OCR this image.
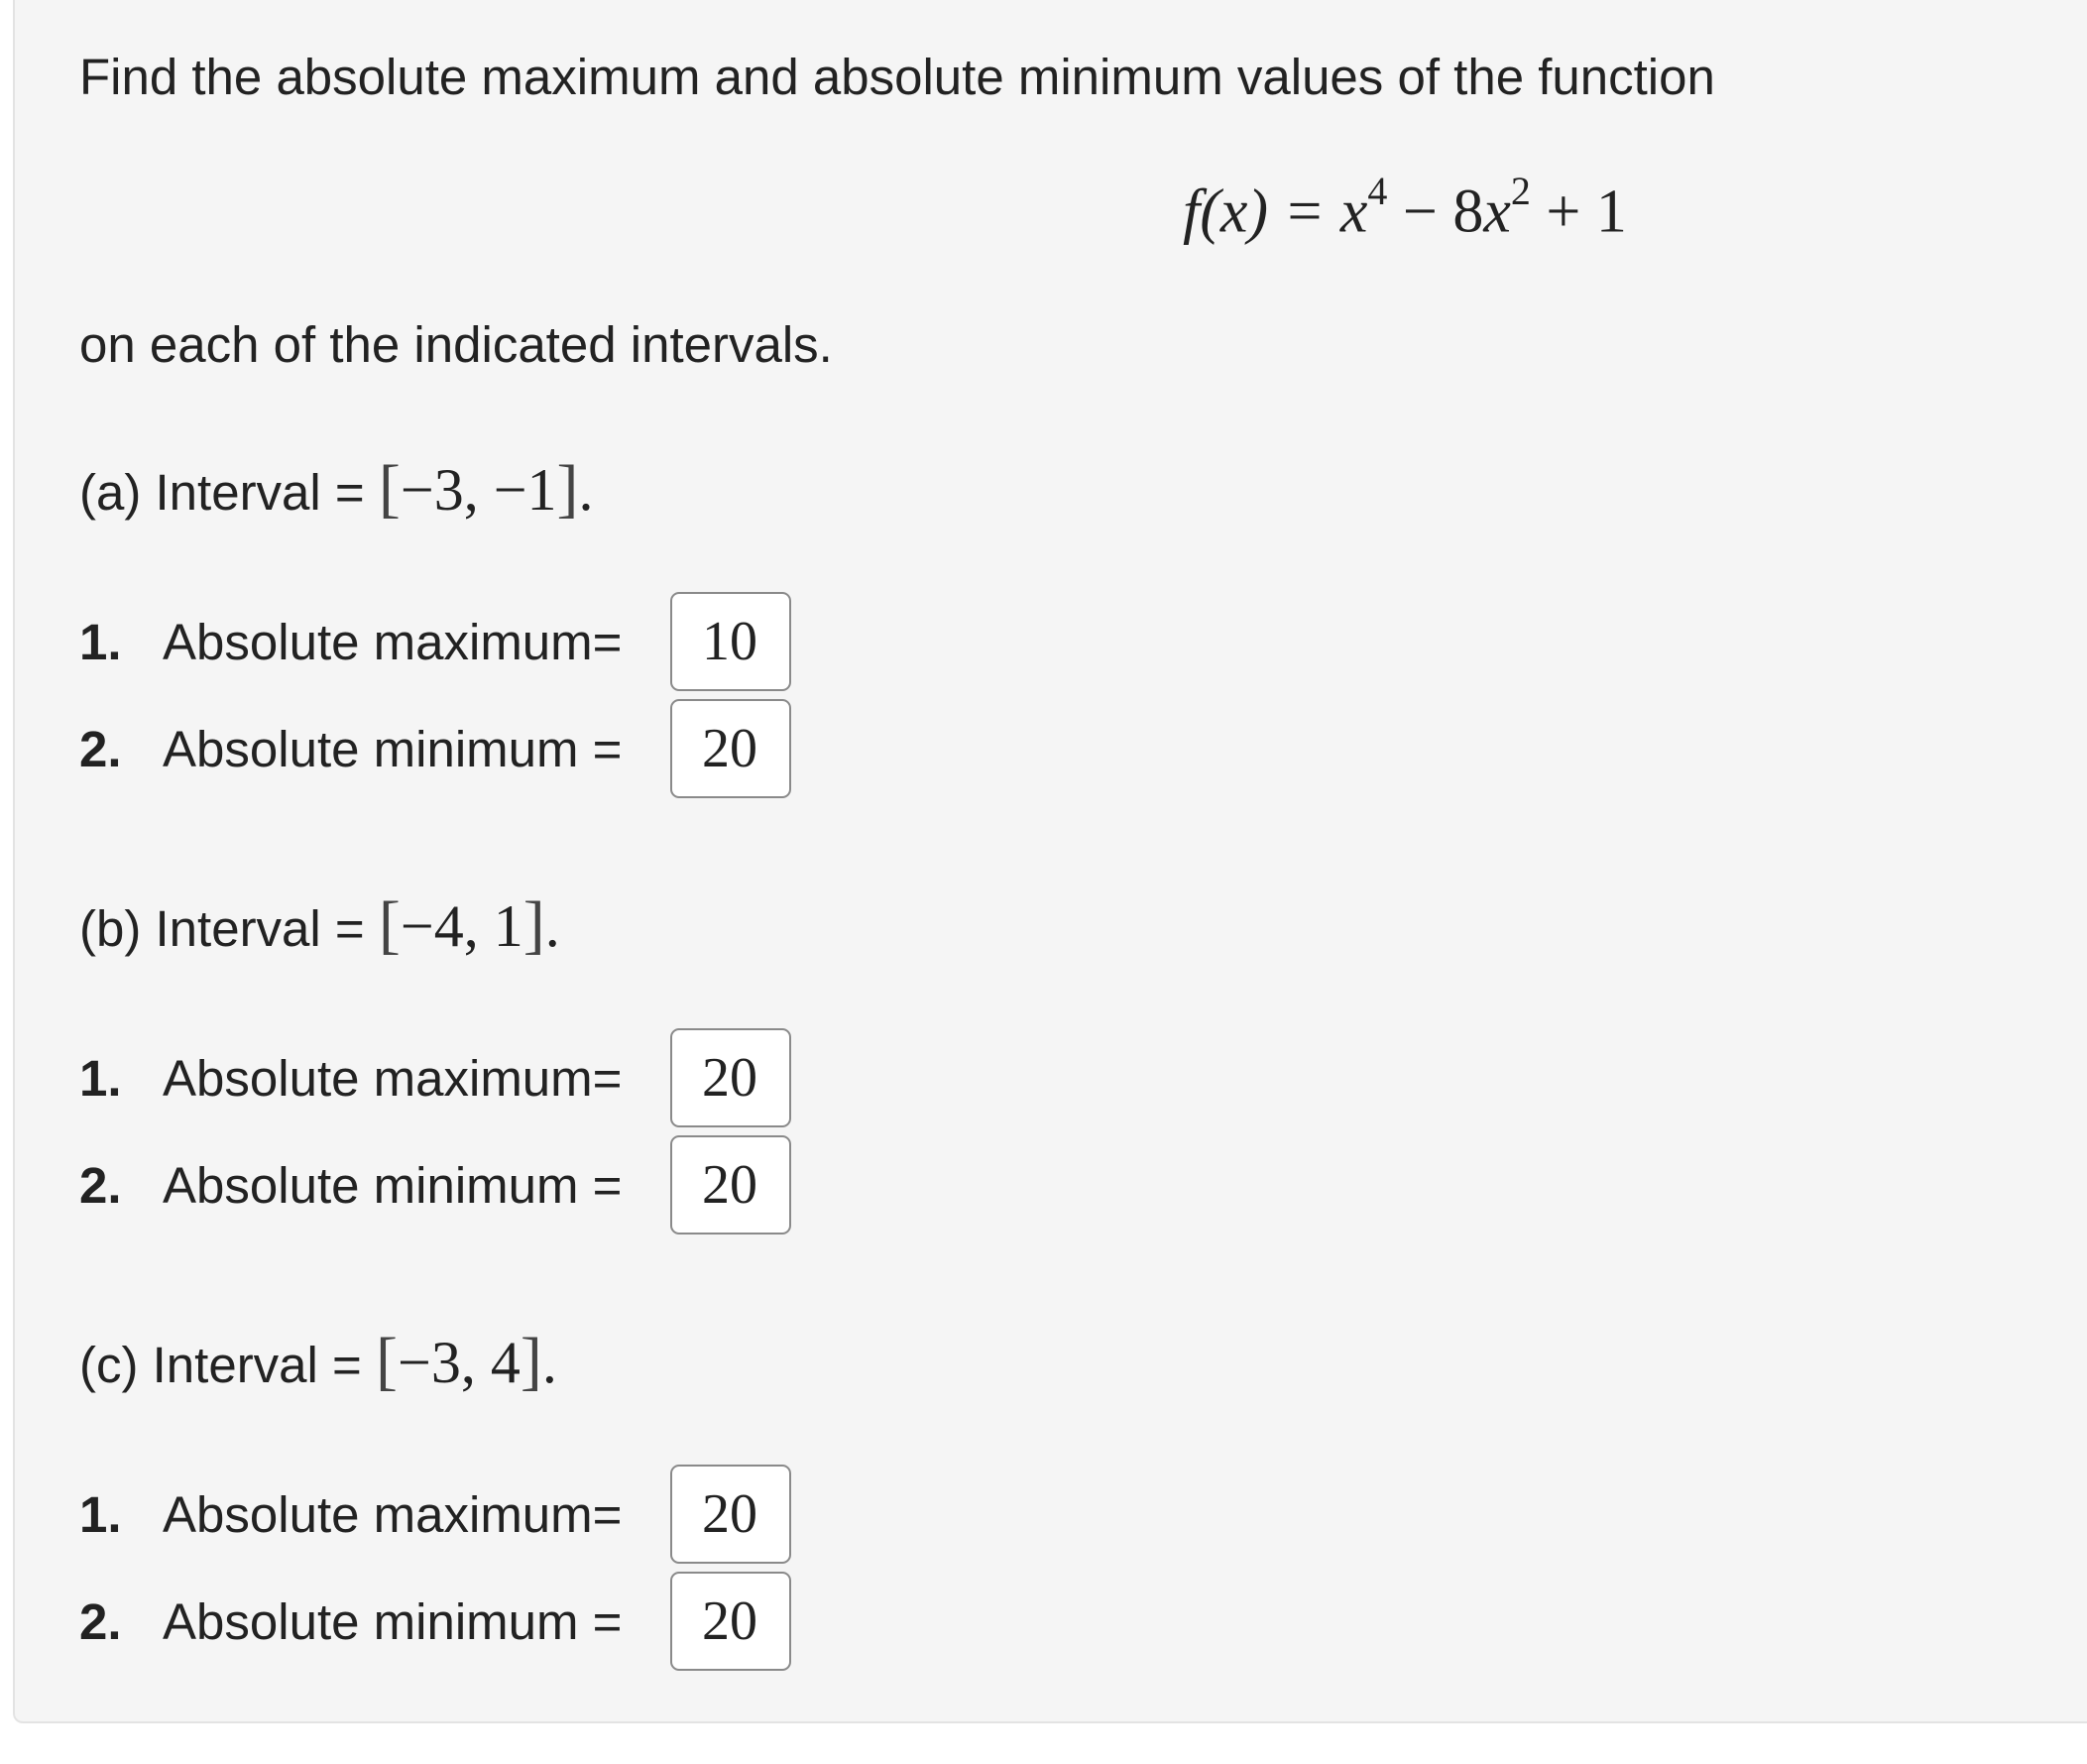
Find the absolute maximum and absolute minimum values of the function

$f(x) = x^4 - 8x^2 + 1$

on each of the indicated intervals.

(a) Interval = [−3, −1].
1. Absolute maximum=
10
2. Absolute minimum =
20
(b) Interval = [−4, 1].
1. Absolute maximum=
20
2. Absolute minimum =
20
(c) Interval = [−3, 4].
1. Absolute maximum=
20
2. Absolute minimum =
20
